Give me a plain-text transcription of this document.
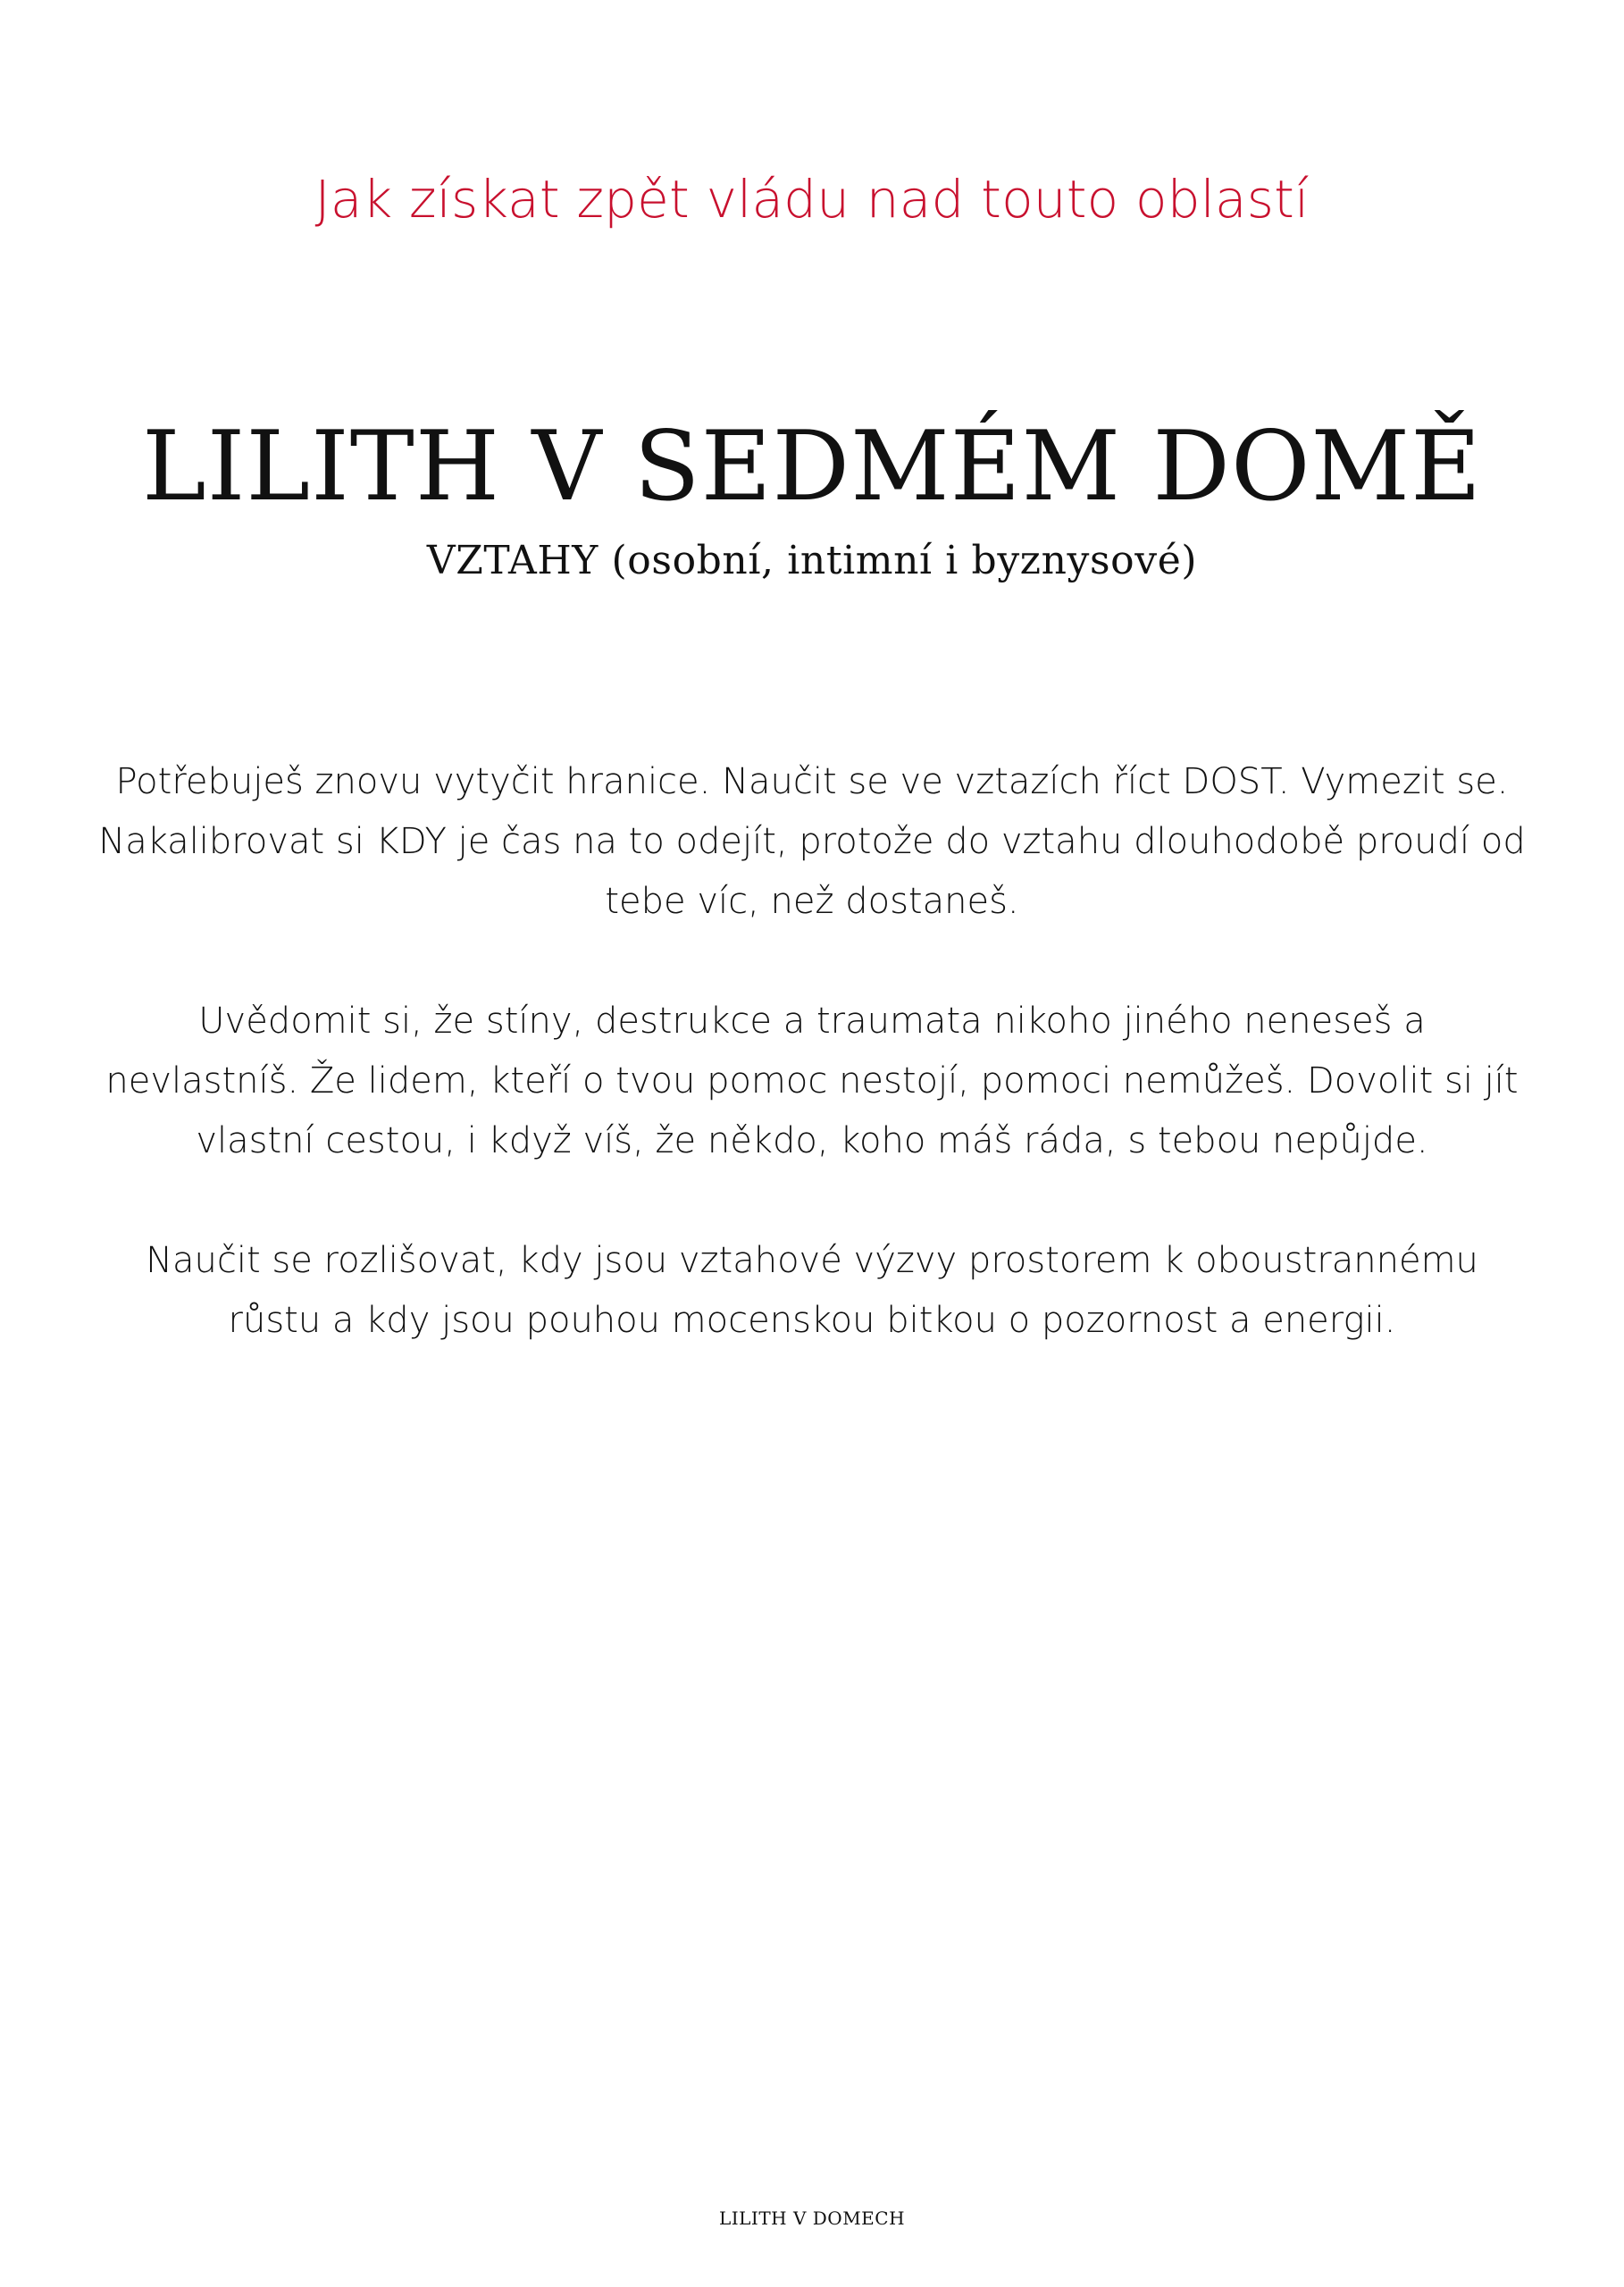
Jak získat zpět vládu nad touto oblastí
LILITH V SEDMÉM DOMĚ
VZTAHY (osobní, intimní i byznysové)

Potřebuješ znovu vytyčit hranice. Naučit se ve vztazích říct DOST. Vymezit se. Nakalibrovat si KDY je čas na to odejít, protože do vztahu dlouhodobě proudí od tebe víc, než dostaneš.

Uvědomit si, že stíny, destrukce a traumata nikoho jiného neneseš a nevlastníš. Že lidem, kteří o tvou pomoc nestojí, pomoci nemůžeš. Dovolit si jít vlastní cestou, i když víš, že někdo, koho máš ráda, s tebou nepůjde.

Naučit se rozlišovat, kdy jsou vztahové výzvy prostorem k oboustrannému růstu a kdy jsou pouhou mocenskou bitkou o pozornost a energii.

LILITH V DOMECH
